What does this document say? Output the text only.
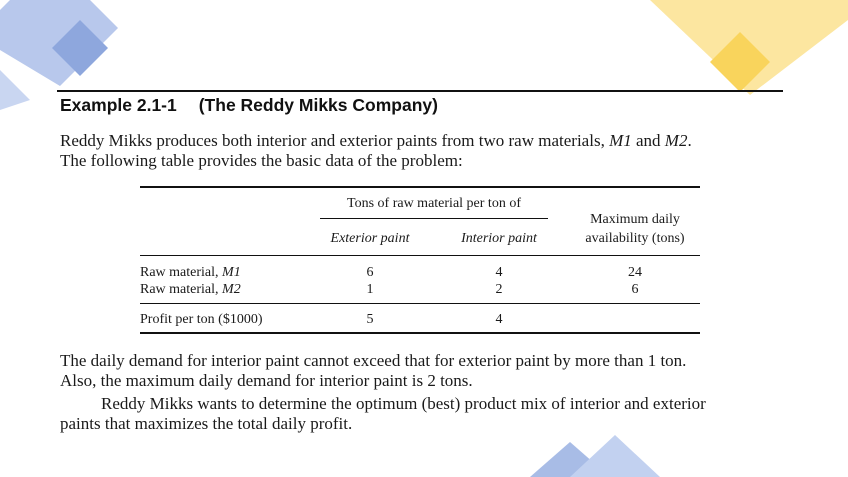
Example 2.1-1 (The Reddy Mikks Company)
Reddy Mikks produces both interior and exterior paints from two raw materials, M1 and M2.
The following table provides the basic data of the problem:
Tons of raw material per ton of
Exterior paint	Interior paint
Maximum daily
availability (tons)
Raw material, M1	6	4	24
Raw material, M2	1	2	6
Profit per ton ($1000)	5	4
The daily demand for interior paint cannot exceed that for exterior paint by more than 1 ton.
Also, the maximum daily demand for interior paint is 2 tons.
Reddy Mikks wants to determine the optimum (best) product mix of interior and exterior
paints that maximizes the total daily profit.
